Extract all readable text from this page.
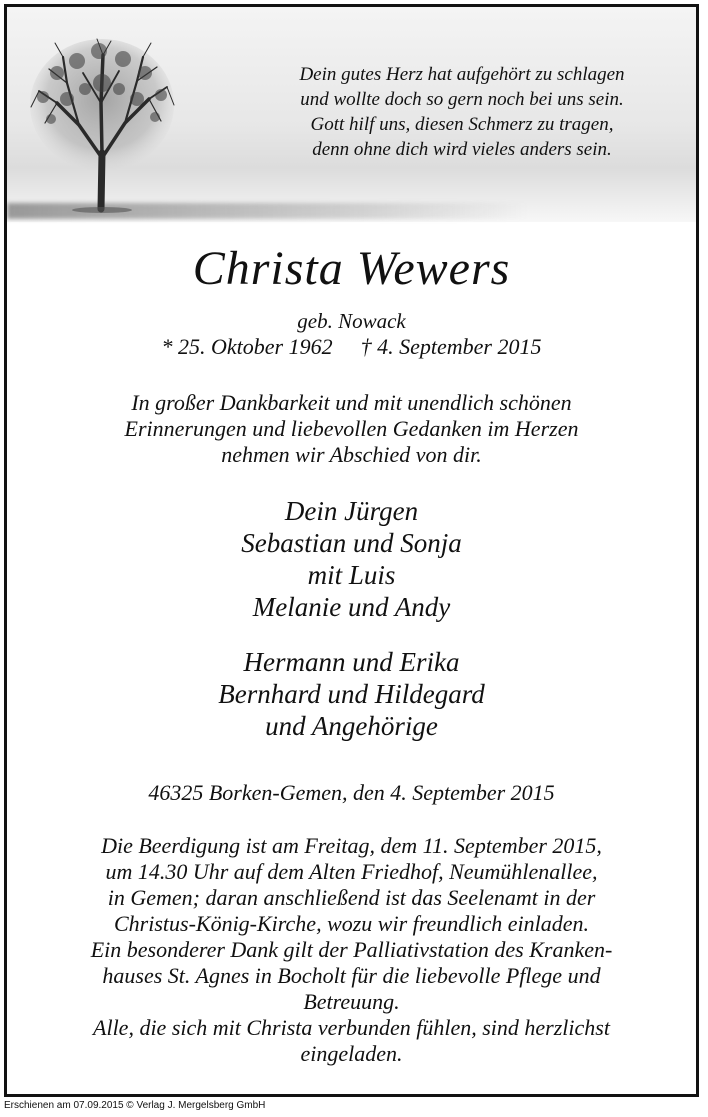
Dein gutes Herz hat aufgehört zu schlagen
und wollte doch so gern noch bei uns sein.
Gott hilf uns, diesen Schmerz zu tragen,
denn ohne dich wird vieles anders sein.
Christa Wewers
geb. Nowack
* 25. Oktober 1962 † 4. September 2015
In großer Dankbarkeit und mit unendlich schönen
Erinnerungen und liebevollen Gedanken im Herzen
nehmen wir Abschied von dir.
Dein Jürgen
Sebastian und Sonja
mit Luis
Melanie und Andy
Hermann und Erika
Bernhard und Hildegard
und Angehörige
46325 Borken-Gemen, den 4. September 2015
Die Beerdigung ist am Freitag, dem 11. September 2015,
um 14.30 Uhr auf dem Alten Friedhof, Neumühlenallee,
in Gemen; daran anschließend ist das Seelenamt in der
Christus-König-Kirche, wozu wir freundlich einladen.
Ein besonderer Dank gilt der Palliativstation des Kranken-
hauses St. Agnes in Bocholt für die liebevolle Pflege und
Betreuung.
Alle, die sich mit Christa verbunden fühlen, sind herzlichst
eingeladen.
Erschienen am 07.09.2015 © Verlag J. Mergelsberg GmbH
